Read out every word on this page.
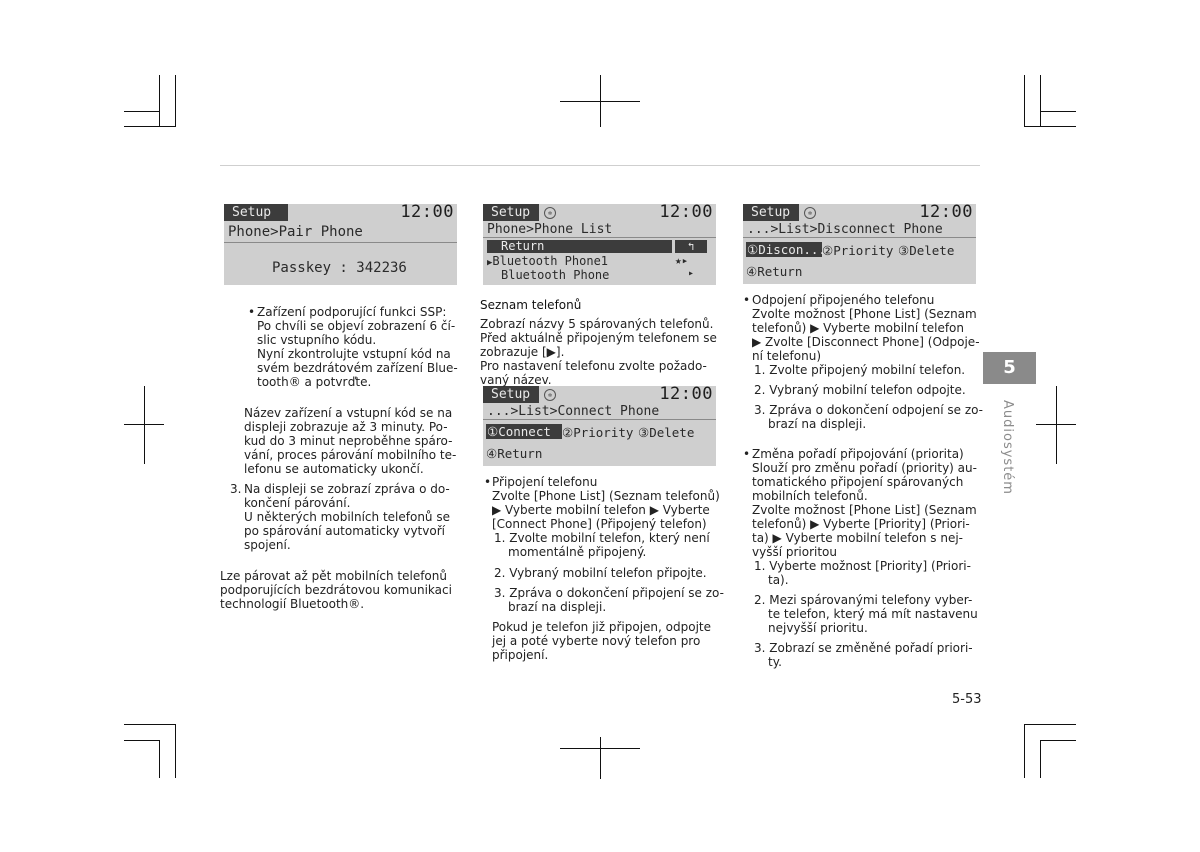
Setup	12:00
Phone>Pair Phone
Passkey : 342236
Setup	✲	12:00
Phone>Phone List
Return	↰
▶Bluetooth Phone1	★▸
Bluetooth Phone	▸
Setup	✲	12:00
...>List>Connect Phone
①Connect ②Priority ③Delete
④Return
Setup	✲	12:00
...>List>Disconnect Phone
①Discon...
②Priority ③Delete
④Return
• Zařízení podporující funkci SSP:
Po chvíli se objeví zobrazení 6 čí-
slic vstupního kódu.
Nyní zkontrolujte vstupní kód na
svém bezdrátovém zařízení Blue-
tooth® a potvrďte.
Název zařízení a vstupní kód se na
displeji zobrazuje až 3 minuty. Po-
kud do 3 minut neproběhne spáro-
vání, proces párování mobilního te-
lefonu se automaticky ukončí.
3. Na displeji se zobrazí zpráva o do-
končení párování.
U některých mobilních telefonů se
po spárování automaticky vytvoří
spojení.
Lze párovat až pět mobilních telefonů
podporujících bezdrátovou komunikaci
technologií Bluetooth®.
Seznam telefonů
Zobrazí názvy 5 spárovaných telefonů.
Před aktuálně připojeným telefonem se
zobrazuje [▶].
Pro nastavení telefonu zvolte požado-
vaný název.
• Připojení telefonu
Zvolte [Phone List] (Seznam telefonů)
▶ Vyberte mobilní telefon ▶ Vyberte
[Connect Phone] (Připojený telefon)
1. Zvolte mobilní telefon, který není
momentálně připojený.
2. Vybraný mobilní telefon připojte.
3. Zpráva o dokončení připojení se zo-
brazí na displeji.
Pokud je telefon již připojen, odpojte
jej a poté vyberte nový telefon pro
připojení.
• Odpojení připojeného telefonu
Zvolte možnost [Phone List] (Seznam
telefonů) ▶ Vyberte mobilní telefon
▶ Zvolte [Disconnect Phone] (Odpoje-
ní telefonu)
1. Zvolte připojený mobilní telefon.
2. Vybraný mobilní telefon odpojte.
3. Zpráva o dokončení odpojení se zo-
brazí na displeji.
• Změna pořadí připojování (priorita)
Slouží pro změnu pořadí (priority) au-
tomatického připojení spárovaných
mobilních telefonů.
Zvolte možnost [Phone List] (Seznam
telefonů) ▶ Vyberte [Priority] (Priori-
ta) ▶ Vyberte mobilní telefon s nej-
vyšší prioritou
1. Vyberte možnost [Priority] (Priori-
ta).
2. Mezi spárovanými telefony vyber-
te telefon, který má mít nastavenu
nejvyšší prioritu.
3. Zobrazí se změněné pořadí priori-
ty.
5
Audiosystém
5-53
